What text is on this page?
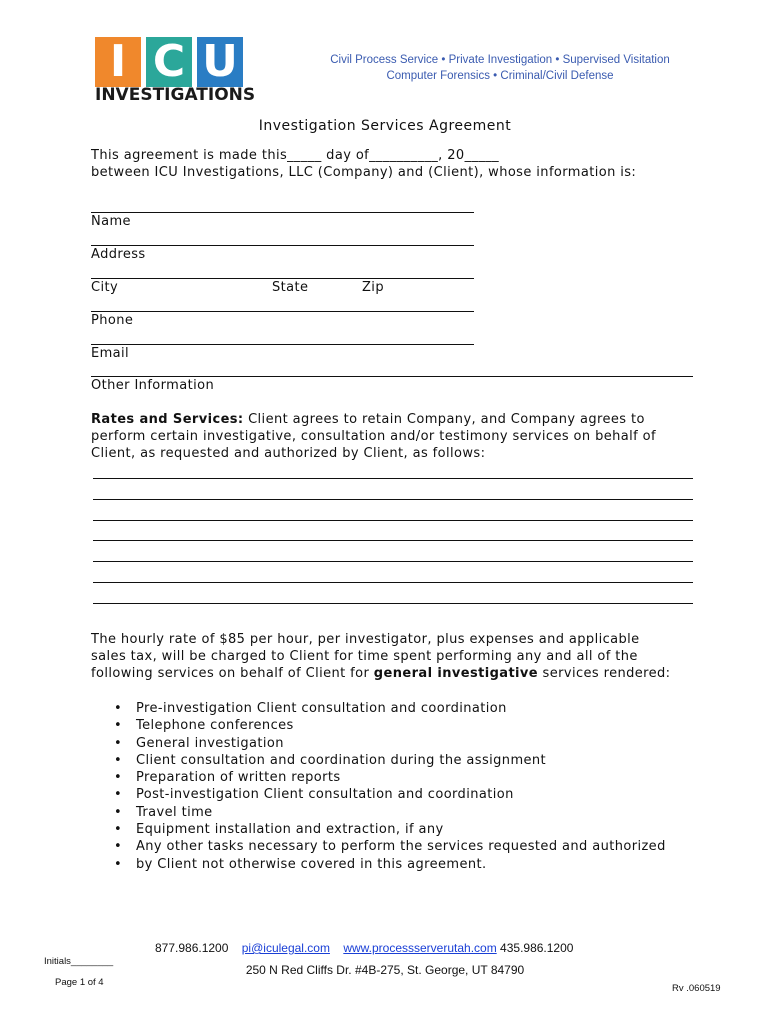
I C U
INVESTIGATIONS
Civil Process Service • Private Investigation • Supervised Visitation
Computer Forensics • Criminal/Civil Defense
Investigation Services Agreement
This agreement is made this_____ day of__________, 20_____
between ICU Investigations, LLC (Company) and (Client), whose information is:
Name
Address
City	State	Zip
Phone
Email
Other Information
Rates and Services: Client agrees to retain Company, and Company agrees to
perform certain investigative, consultation and/or testimony services on behalf of
Client, as requested and authorized by Client, as follows:
The hourly rate of $85 per hour, per investigator, plus expenses and applicable
sales tax, will be charged to Client for time spent performing any and all of the
following services on behalf of Client for general investigative services rendered:
• Pre-investigation Client consultation and coordination
• Telephone conferences
• General investigation
• Client consultation and coordination during the assignment
• Preparation of written reports
• Post-investigation Client consultation and coordination
• Travel time
• Equipment installation and extraction, if any
• Any other tasks necessary to perform the services requested and authorized
• by Client not otherwise covered in this agreement.
877.986.1200 pi@iculegal.com www.processserverutah.com 435.986.1200
250 N Red Cliffs Dr. #4B-275, St. George, UT 84790
Initials________
Page 1 of 4
Rv .060519
